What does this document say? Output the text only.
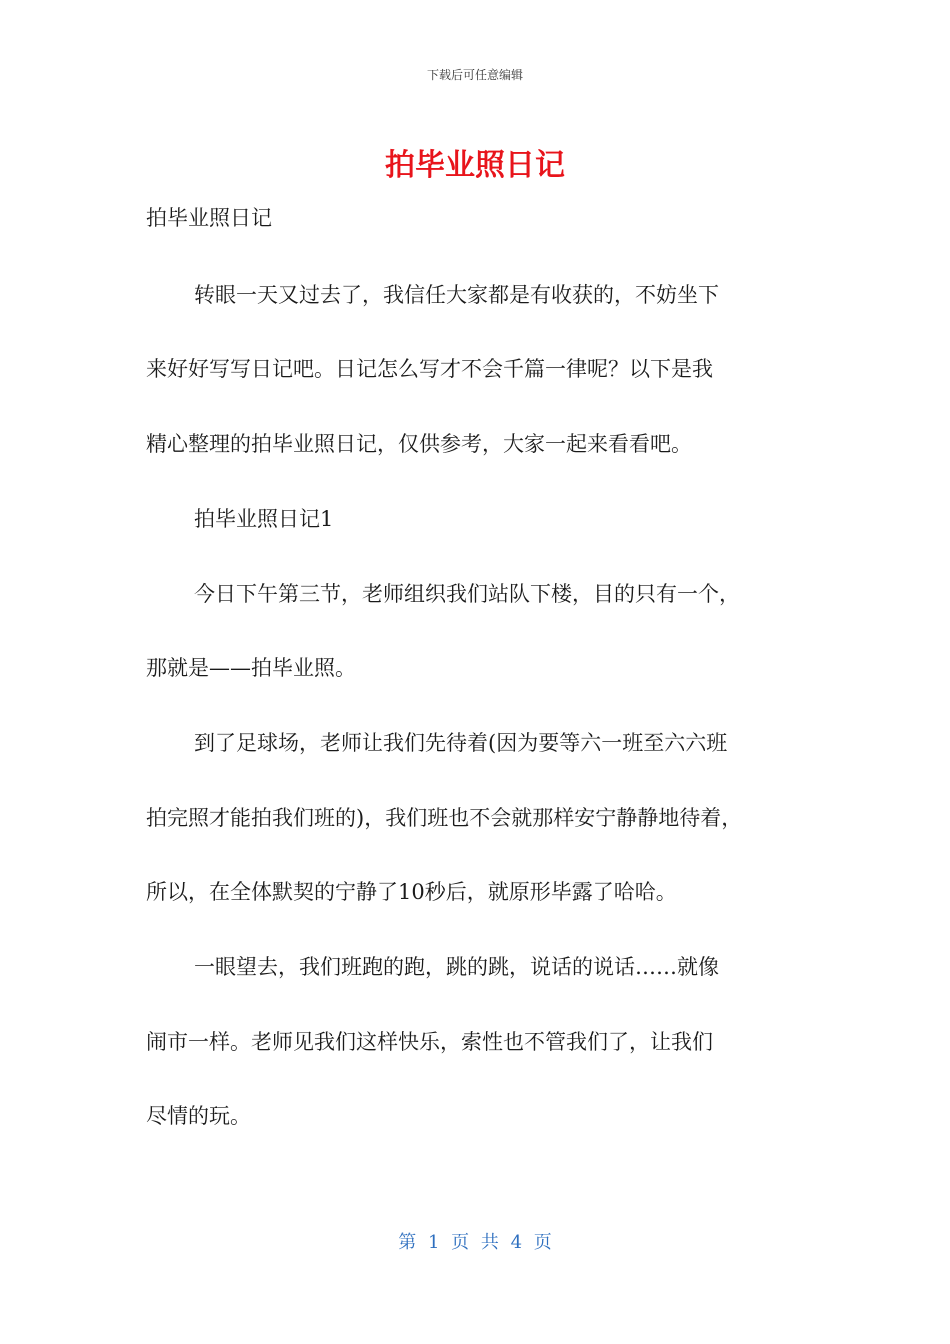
下载后可任意编辑
拍毕业照日记
拍毕业照日记
转眼一天又过去了，我信任大家都是有收获的，不妨坐下
来好好写写日记吧。日记怎么写才不会千篇一律呢？以下是我
精心整理的拍毕业照日记，仅供参考，大家一起来看看吧。
拍毕业照日记1
今日下午第三节，老师组织我们站队下楼，目的只有一个，
那就是——拍毕业照。
到了足球场，老师让我们先待着(因为要等六一班至六六班
拍完照才能拍我们班的)，我们班也不会就那样安宁静静地待着，
所以，在全体默契的宁静了10秒后，就原形毕露了哈哈。
一眼望去，我们班跑的跑，跳的跳，说话的说话……就像
闹市一样。老师见我们这样快乐，索性也不管我们了，让我们
尽情的玩。
第 1 页 共 4 页
